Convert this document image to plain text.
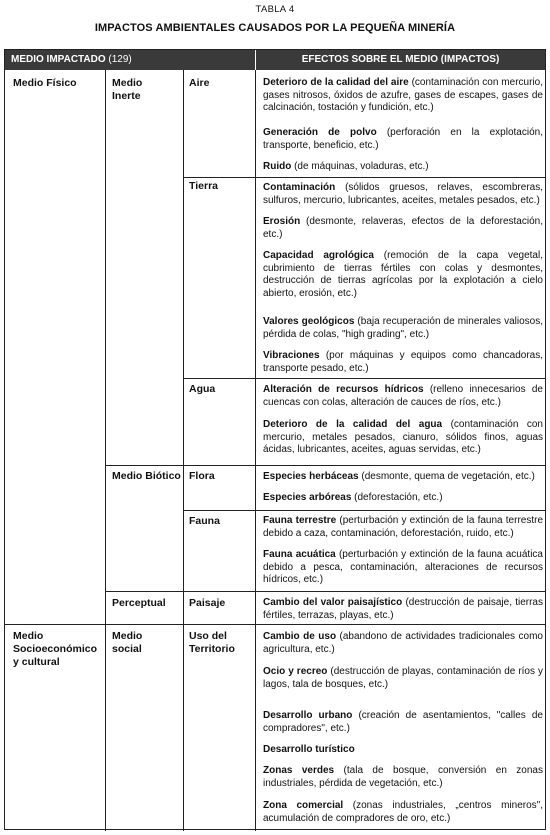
TABLA 4
IMPACTOS AMBIENTALES CAUSADOS POR LA PEQUEÑA MINERÍA
MEDIO IMPACTADO (129)	EFECTOS SOBRE EL MEDIO (IMPACTOS)
Medio Físico	Medio Inerte
Aire
Tierra
Agua
Medio Biótico Flora
Fauna
Perceptual Paisaje
Medio Socioeconómico y cultural
Medio social
Uso del Territorio
Deterioro de la calidad del aire (contaminación con mercurio, gases nitrosos, óxidos de azufre, gases de escapes, gases de calcinación, tostación y fundición, etc.)
Generación de polvo (perforación en la explotación, transporte, beneficio, etc.)
Ruido (de máquinas, voladuras, etc.)
Contaminación (sólidos gruesos, relaves, escombreras, sulfuros, mercurio, lubricantes, aceites, metales pesados, etc.)
Erosión (desmonte, relaveras, efectos de la deforestación, etc.)
Capacidad agrológica (remoción de la capa vegetal, cubrimiento de tierras fértiles con colas y desmontes, destrucción de tierras agrícolas por la explotación a cielo abierto, erosión, etc.)
Valores geológicos (baja recuperación de minerales valiosos, pérdida de colas, "high grading", etc.)
Vibraciones (por máquinas y equipos como chancadoras, transporte pesado, etc.)
Alteración de recursos hídricos (relleno innecesarios de cuencas con colas, alteración de cauces de ríos, etc.)
Deterioro de la calidad del agua (contaminación con mercurio, metales pesados, cianuro, sólidos finos, aguas ácidas, lubricantes, aceites, aguas servidas, etc.)
Especies herbáceas (desmonte, quema de vegetación, etc.)
Especies arbóreas (deforestación, etc.)
Fauna terrestre (perturbación y extinción de la fauna terrestre debido a caza, contaminación, deforestación, ruido, etc.)
Fauna acuática (perturbación y extinción de la fauna acuática debido a pesca, contaminación, alteraciones de recursos hídricos, etc.)
Cambio del valor paisajístico (destrucción de paisaje, tierras fértiles, terrazas, playas, etc.)
Cambio de uso (abandono de actividades tradicionales como agricultura, etc.)
Ocio y recreo (destrucción de playas, contaminación de ríos y lagos, tala de bosques, etc.)
Desarrollo urbano (creación de asentamientos, "calles de compradores", etc.)
Desarrollo turístico
Zonas verdes (tala de bosque, conversión en zonas industriales, pérdida de vegetación, etc.)
Zona comercial (zonas industriales, „centros mineros", acumulación de compradores de oro, etc.)
